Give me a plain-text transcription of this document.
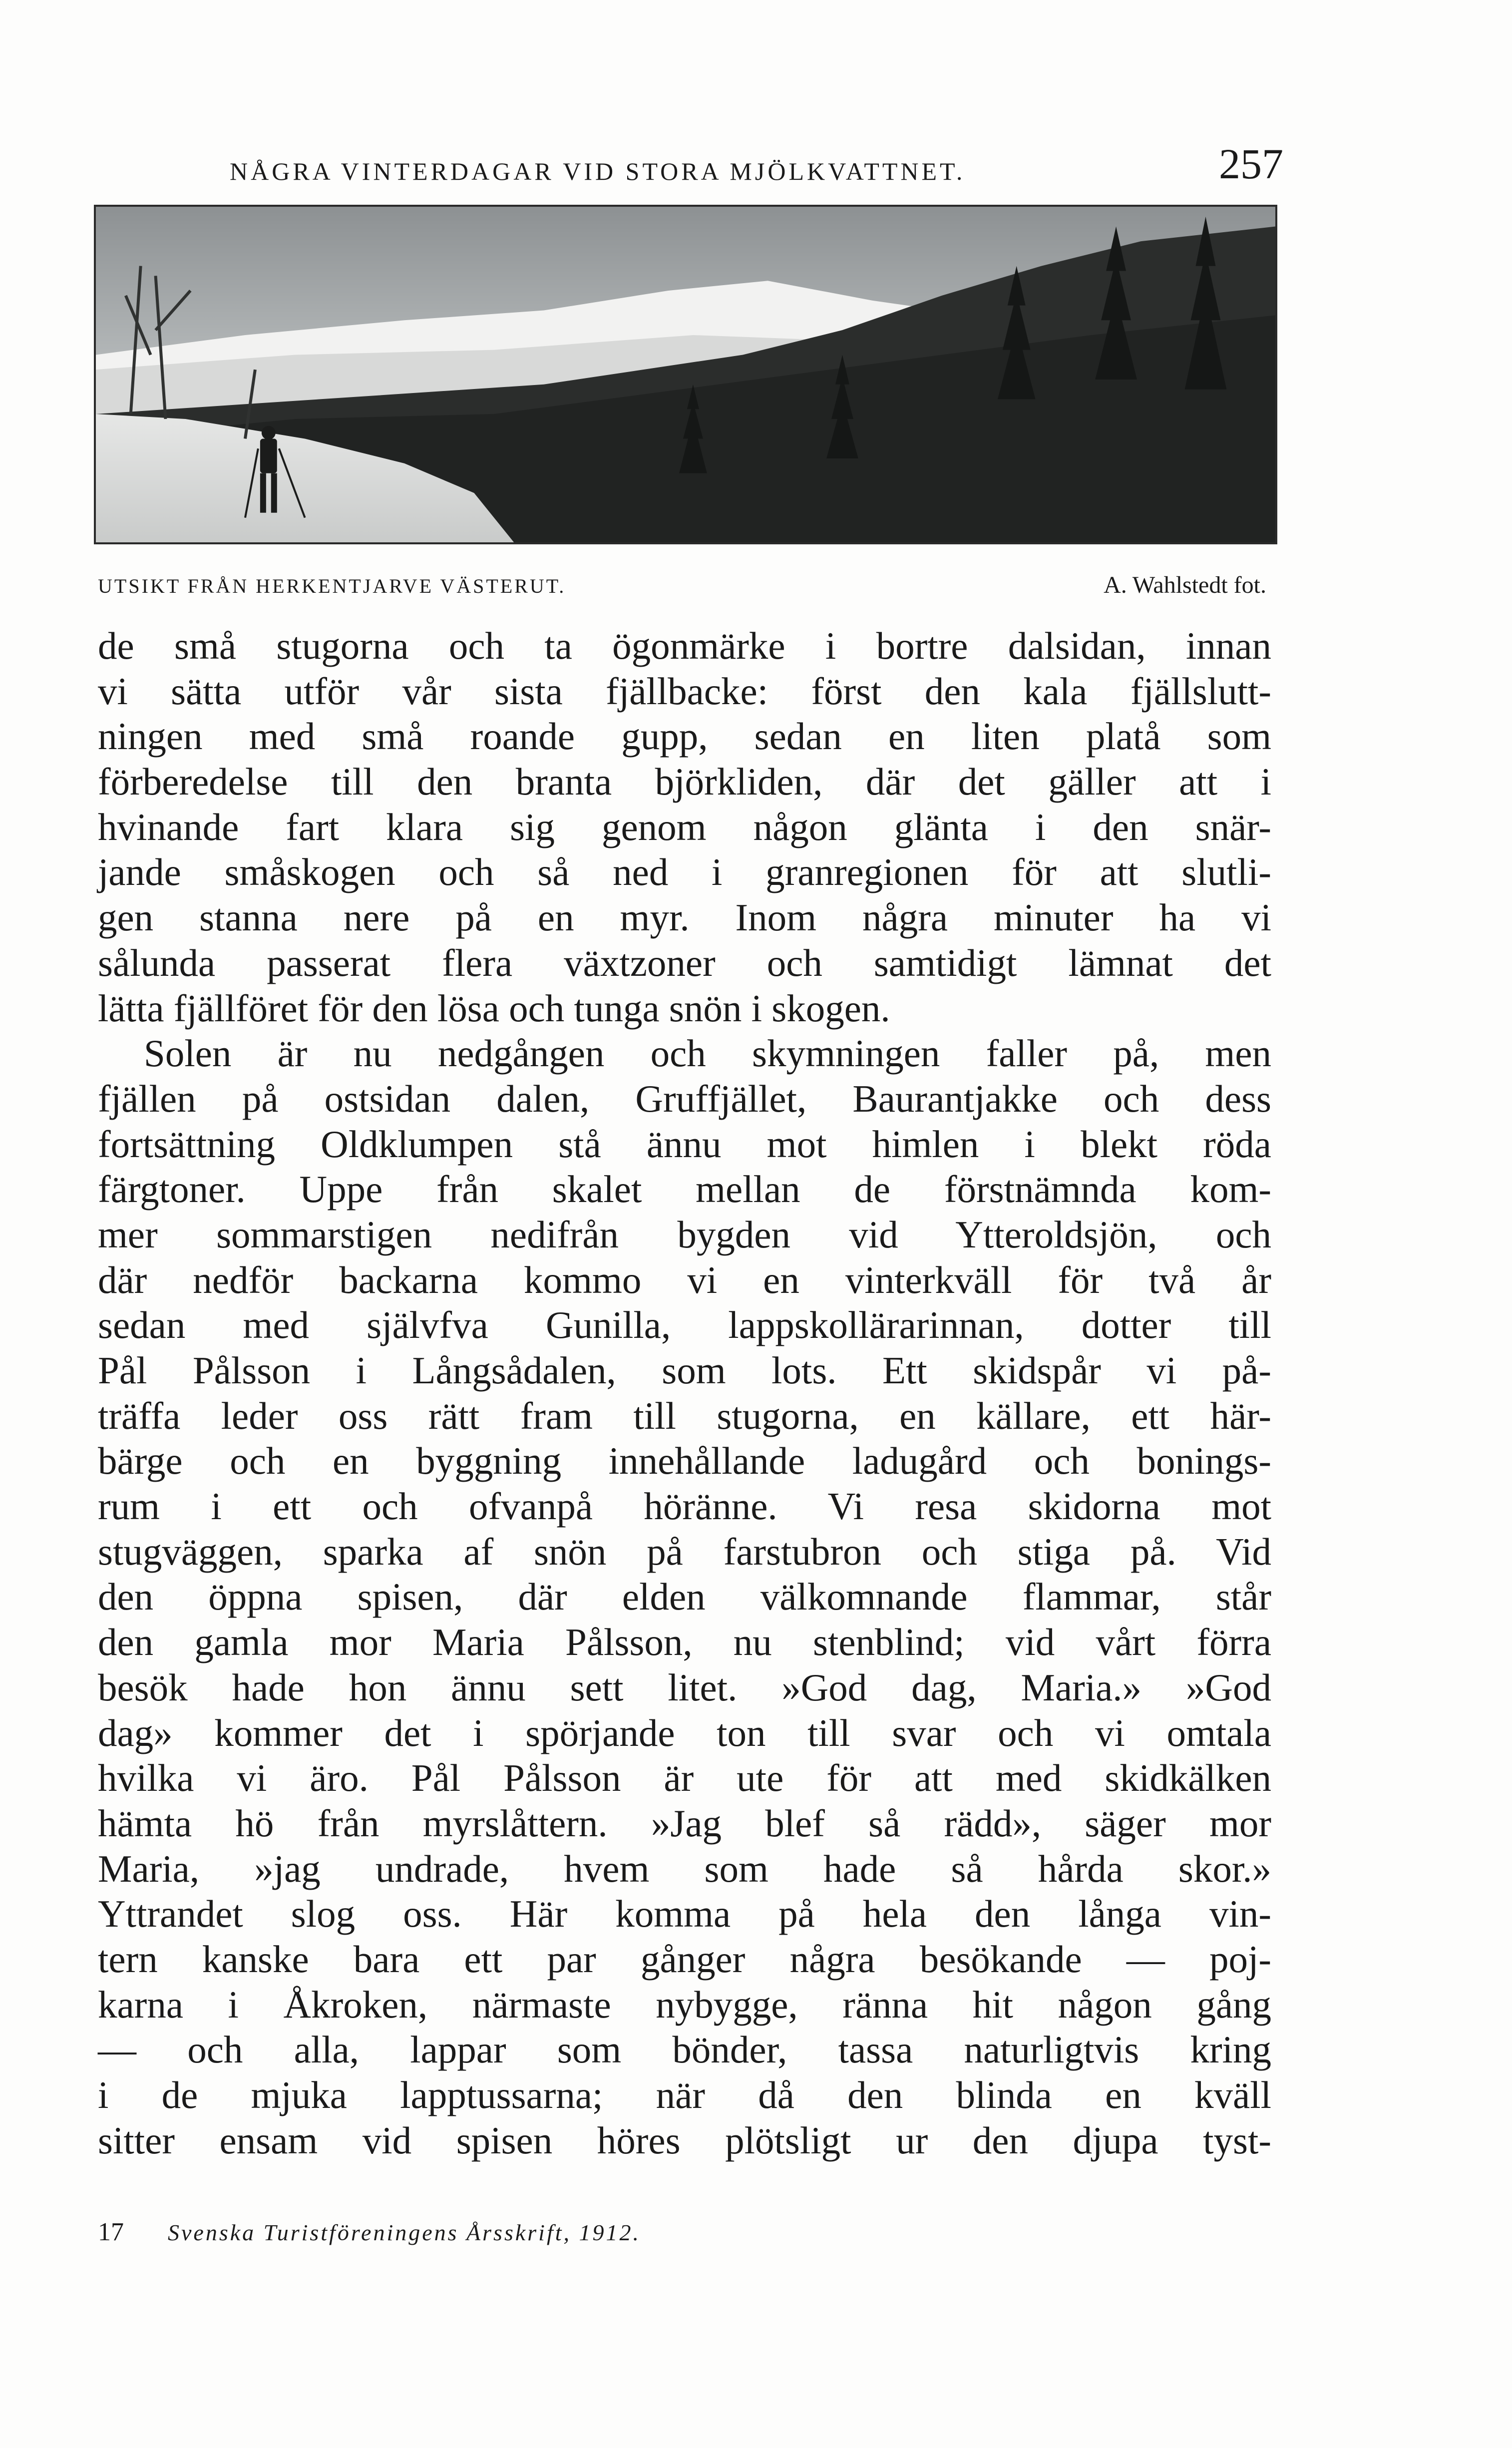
NÅGRA VINTERDAGAR VID STORA MJÖLKVATTNET.	257
UTSIKT FRÅN HERKENTJARVE VÄSTERUT.	A. Wahlstedt fot.
de små stugorna och ta ögonmärke i bortre dalsidan, innan
vi sätta utför vår sista fjällbacke: först den kala fjällslutt-
ningen med små roande gupp, sedan en liten platå som
förberedelse till den branta björkliden, där det gäller att i
hvinande fart klara sig genom någon glänta i den snär-
jande småskogen och så ned i granregionen för att slutli-
gen stanna nere på en myr. Inom några minuter ha vi
sålunda passerat flera växtzoner och samtidigt lämnat det
lätta fjällföret för den lösa och tunga snön i skogen.
Solen är nu nedgången och skymningen faller på, men
fjällen på ostsidan dalen, Gruffjället, Baurantjakke och dess
fortsättning Oldklumpen stå ännu mot himlen i blekt röda
färgtoner. Uppe från skalet mellan de förstnämnda kom-
mer sommarstigen nedifrån bygden vid Ytteroldsjön, och
där nedför backarna kommo vi en vinterkväll för två år
sedan med självfva Gunilla, lappskollärarinnan, dotter till
Pål Pålsson i Långsådalen, som lots. Ett skidspår vi på-
träffa leder oss rätt fram till stugorna, en källare, ett här-
bärge och en byggning innehållande ladugård och bonings-
rum i ett och ofvanpå höränne. Vi resa skidorna mot
stugväggen, sparka af snön på farstubron och stiga på. Vid
den öppna spisen, där elden välkomnande flammar, står
den gamla mor Maria Pålsson, nu stenblind; vid vårt förra
besök hade hon ännu sett litet. »God dag, Maria.» »God
dag» kommer det i spörjande ton till svar och vi omtala
hvilka vi äro. Pål Pålsson är ute för att med skidkälken
hämta hö från myrslåttern. »Jag blef så rädd», säger mor
Maria, »jag undrade, hvem som hade så hårda skor.»
Yttrandet slog oss. Här komma på hela den långa vin-
tern kanske bara ett par gånger några besökande — poj-
karna i Åkroken, närmaste nybygge, ränna hit någon gång
— och alla, lappar som bönder, tassa naturligtvis kring
i de mjuka lapptussarna; när då den blinda en kväll
sitter ensam vid spisen höres plötsligt ur den djupa tyst-
17 Svenska Turistföreningens Årsskrift, 1912.
